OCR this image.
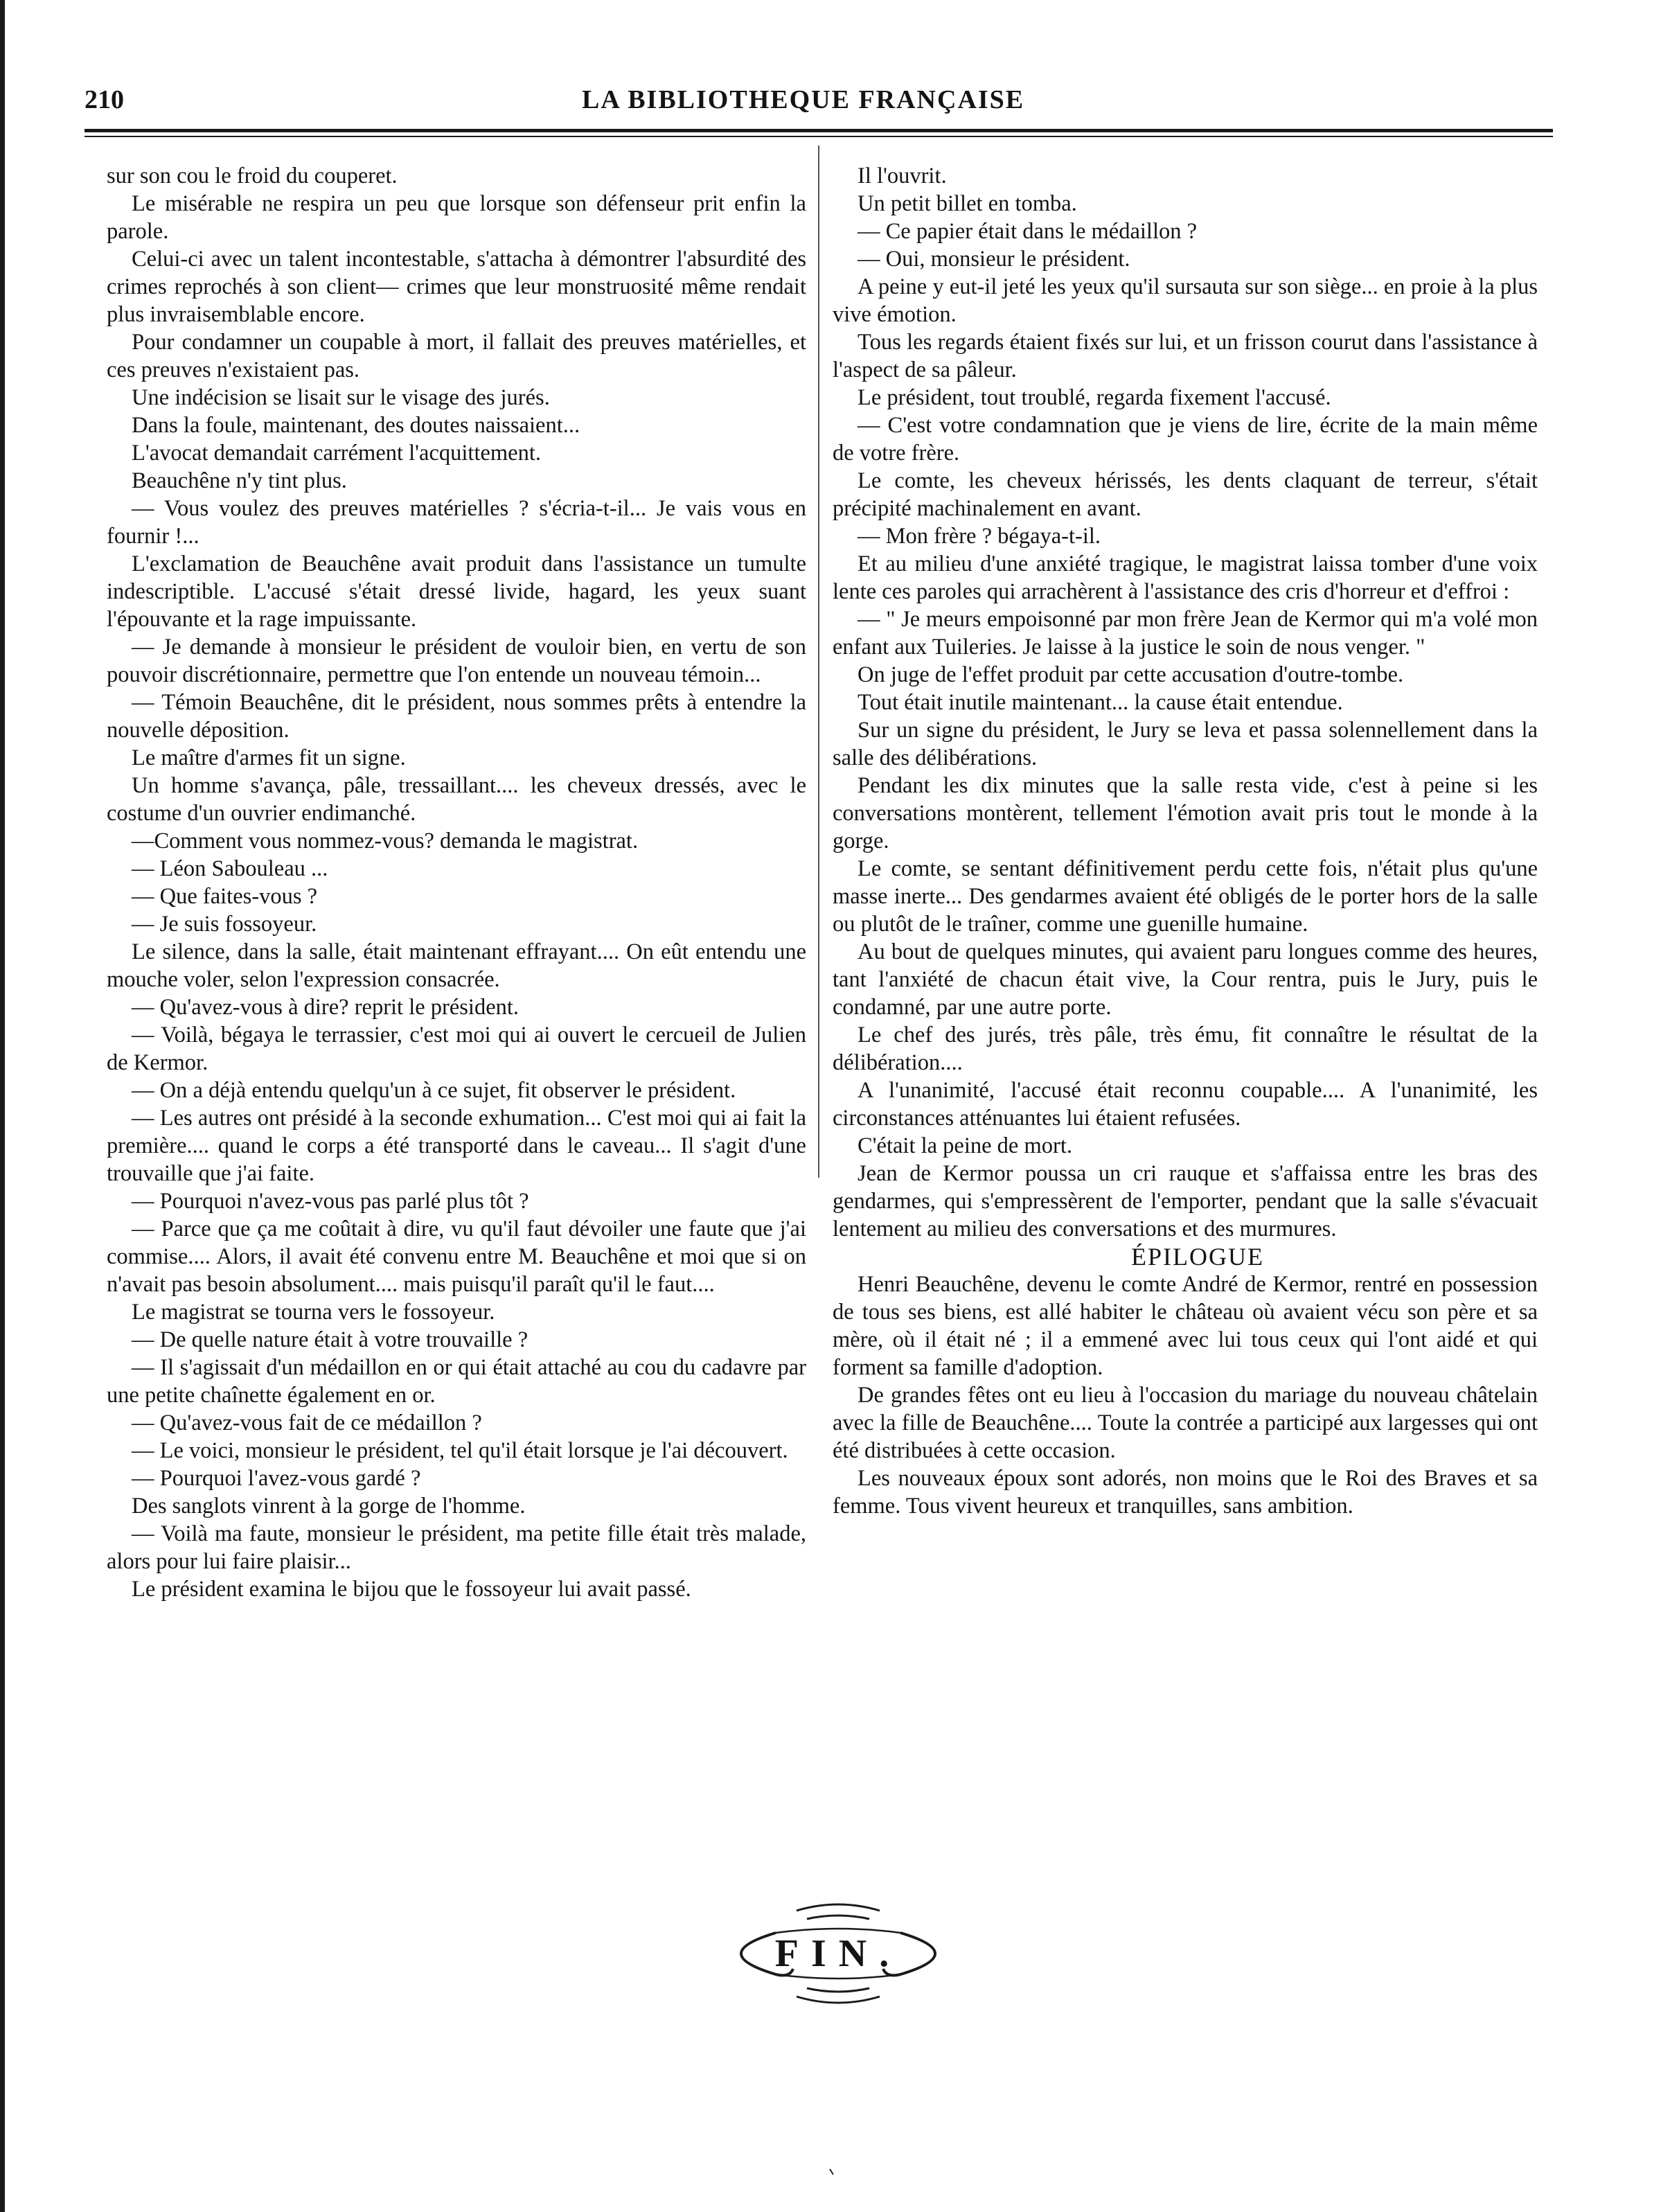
210	LA BIBLIOTHEQUE FRANÇAISE

sur son cou le froid du couperet.

Le misérable ne respira un peu que lorsque son défenseur prit enfin la parole.

Celui-ci avec un talent incontestable, s'attacha à démontrer l'absurdité des crimes reprochés à son client— crimes que leur monstruosité même rendait plus invraisemblable encore.

Pour condamner un coupable à mort, il fallait des preuves matérielles, et ces preuves n'existaient pas.

Une indécision se lisait sur le visage des jurés.

Dans la foule, maintenant, des doutes naissaient...

L'avocat demandait carrément l'acquittement.

Beauchêne n'y tint plus.

— Vous voulez des preuves matérielles ? s'écria-t-il... Je vais vous en fournir !...

L'exclamation de Beauchêne avait produit dans l'assistance un tumulte indescriptible. L'accusé s'était dressé livide, hagard, les yeux suant l'épouvante et la rage impuissante.

— Je demande à monsieur le président de vouloir bien, en vertu de son pouvoir discrétionnaire, permettre que l'on entende un nouveau témoin...

— Témoin Beauchêne, dit le président, nous sommes prêts à entendre la nouvelle déposition.

Le maître d'armes fit un signe.

Un homme s'avança, pâle, tressaillant.... les cheveux dressés, avec le costume d'un ouvrier endimanché.

—Comment vous nommez-vous? demanda le magistrat.

— Léon Sabouleau ...

— Que faites-vous ?

— Je suis fossoyeur.

Le silence, dans la salle, était maintenant effrayant.... On eût entendu une mouche voler, selon l'expression consacrée.

— Qu'avez-vous à dire? reprit le président.

— Voilà, bégaya le terrassier, c'est moi qui ai ouvert le cercueil de Julien de Kermor.

— On a déjà entendu quelqu'un à ce sujet, fit observer le président.

— Les autres ont présidé à la seconde exhumation... C'est moi qui ai fait la première.... quand le corps a été transporté dans le caveau... Il s'agit d'une trouvaille que j'ai faite.

— Pourquoi n'avez-vous pas parlé plus tôt ?

— Parce que ça me coûtait à dire, vu qu'il faut dévoiler une faute que j'ai commise.... Alors, il avait été convenu entre M. Beauchêne et moi que si on n'avait pas besoin absolument.... mais puisqu'il paraît qu'il le faut....

Le magistrat se tourna vers le fossoyeur.

— De quelle nature était à votre trouvaille ?

— Il s'agissait d'un médaillon en or qui était attaché au cou du cadavre par une petite chaînette également en or.

— Qu'avez-vous fait de ce médaillon ?

— Le voici, monsieur le président, tel qu'il était lorsque je l'ai découvert.

— Pourquoi l'avez-vous gardé ?

Des sanglots vinrent à la gorge de l'homme.

— Voilà ma faute, monsieur le président, ma petite fille était très malade, alors pour lui faire plaisir...

Le président examina le bijou que le fossoyeur lui avait passé.

Il l'ouvrit.

Un petit billet en tomba.

— Ce papier était dans le médaillon ?

— Oui, monsieur le président.

A peine y eut-il jeté les yeux qu'il sursauta sur son siège... en proie à la plus vive émotion.

Tous les regards étaient fixés sur lui, et un frisson courut dans l'assistance à l'aspect de sa pâleur.

Le président, tout troublé, regarda fixement l'accusé.

— C'est votre condamnation que je viens de lire, écrite de la main même de votre frère.

Le comte, les cheveux hérissés, les dents claquant de terreur, s'était précipité machinalement en avant.

— Mon frère ? bégaya-t-il.

Et au milieu d'une anxiété tragique, le magistrat laissa tomber d'une voix lente ces paroles qui arrachèrent à l'assistance des cris d'horreur et d'effroi :

— " Je meurs empoisonné par mon frère Jean de Kermor qui m'a volé mon enfant aux Tuileries. Je laisse à la justice le soin de nous venger. "

On juge de l'effet produit par cette accusation d'outre-tombe.

Tout était inutile maintenant... la cause était entendue.

Sur un signe du président, le Jury se leva et passa solennellement dans la salle des délibérations.

Pendant les dix minutes que la salle resta vide, c'est à peine si les conversations montèrent, tellement l'émotion avait pris tout le monde à la gorge.

Le comte, se sentant définitivement perdu cette fois, n'était plus qu'une masse inerte... Des gendarmes avaient été obligés de le porter hors de la salle ou plutôt de le traîner, comme une guenille humaine.

Au bout de quelques minutes, qui avaient paru longues comme des heures, tant l'anxiété de chacun était vive, la Cour rentra, puis le Jury, puis le condamné, par une autre porte.

Le chef des jurés, très pâle, très ému, fit connaître le résultat de la délibération....

A l'unanimité, l'accusé était reconnu coupable.... A l'unanimité, les circonstances atténuantes lui étaient refusées.

C'était la peine de mort.

Jean de Kermor poussa un cri rauque et s'affaissa entre les bras des gendarmes, qui s'empressèrent de l'emporter, pendant que la salle s'évacuait lentement au milieu des conversations et des murmures.

ÉPILOGUE

Henri Beauchêne, devenu le comte André de Kermor, rentré en possession de tous ses biens, est allé habiter le château où avaient vécu son père et sa mère, où il était né ; il a emmené avec lui tous ceux qui l'ont aidé et qui forment sa famille d'adoption.

De grandes fêtes ont eu lieu à l'occasion du mariage du nouveau châtelain avec la fille de Beauchêne.... Toute la contrée a participé aux largesses qui ont été distribuées à cette occasion.

Les nouveaux époux sont adorés, non moins que le Roi des Braves et sa femme. Tous vivent heureux et tranquilles, sans ambition.

FIN.
